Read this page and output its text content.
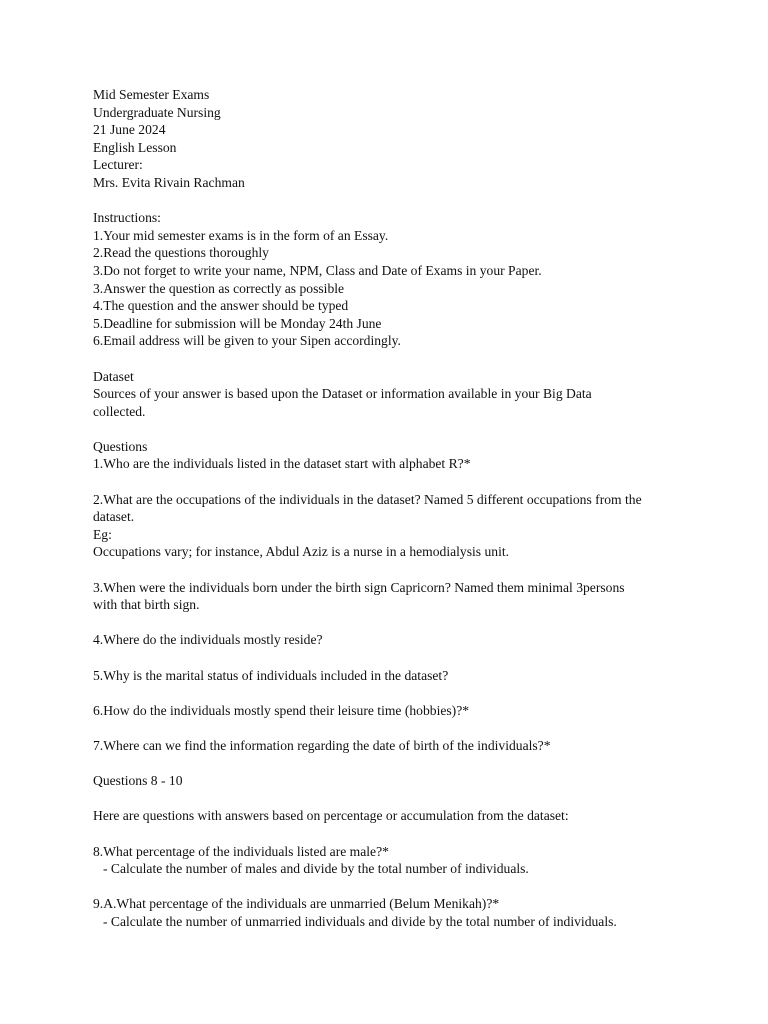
Mid Semester Exams
Undergraduate Nursing
21 June 2024
English Lesson
Lecturer:
Mrs. Evita Rivain Rachman
Instructions:
1.Your mid semester exams is in the form of an Essay.
2.Read the questions thoroughly
3.Do not forget to write your name, NPM, Class and Date of Exams in your Paper.
3.Answer the question as correctly as possible
4.The question and the answer should be typed
5.Deadline for submission will be Monday 24th June
6.Email address will be given to your Sipen accordingly.
Dataset
Sources of your answer is based upon the Dataset or information available in your Big Data
collected.
Questions
1.Who are the individuals listed in the dataset start with alphabet R?*
2.What are the occupations of the individuals in the dataset? Named 5 different occupations from the
dataset.
Eg:
Occupations vary; for instance, Abdul Aziz is a nurse in a hemodialysis unit.
3.When were the individuals born under the birth sign Capricorn? Named them minimal 3persons
with that birth sign.
4.Where do the individuals mostly reside?
5.Why is the marital status of individuals included in the dataset?
6.How do the individuals mostly spend their leisure time (hobbies)?*
7.Where can we find the information regarding the date of birth of the individuals?*
Questions 8 - 10
Here are questions with answers based on percentage or accumulation from the dataset:
8.What percentage of the individuals listed are male?*
- Calculate the number of males and divide by the total number of individuals.
9.A.What percentage of the individuals are unmarried (Belum Menikah)?*
- Calculate the number of unmarried individuals and divide by the total number of individuals.
